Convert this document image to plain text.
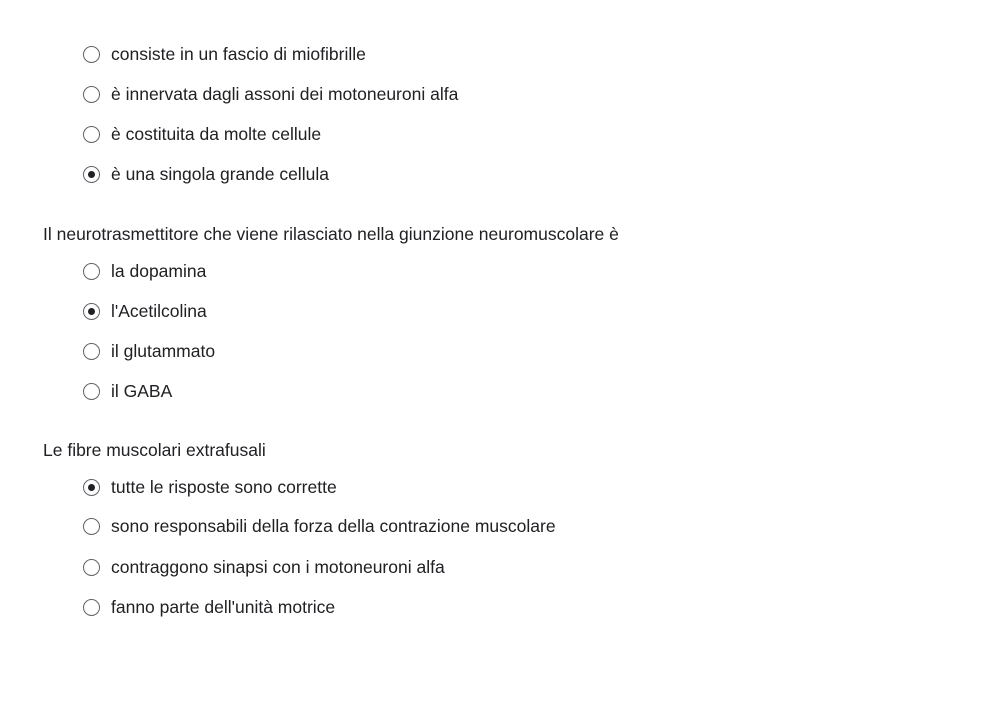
consiste in un fascio di miofibrille
è innervata dagli assoni dei motoneuroni alfa
è costituita da molte cellule
è una singola grande cellula
Il neurotrasmettitore che viene rilasciato nella giunzione neuromuscolare è
la dopamina
l'Acetilcolina
il glutammato
il GABA
Le fibre muscolari extrafusali
tutte le risposte sono corrette
sono responsabili della forza della contrazione muscolare
contraggono sinapsi con i motoneuroni alfa
fanno parte dell'unità motrice
